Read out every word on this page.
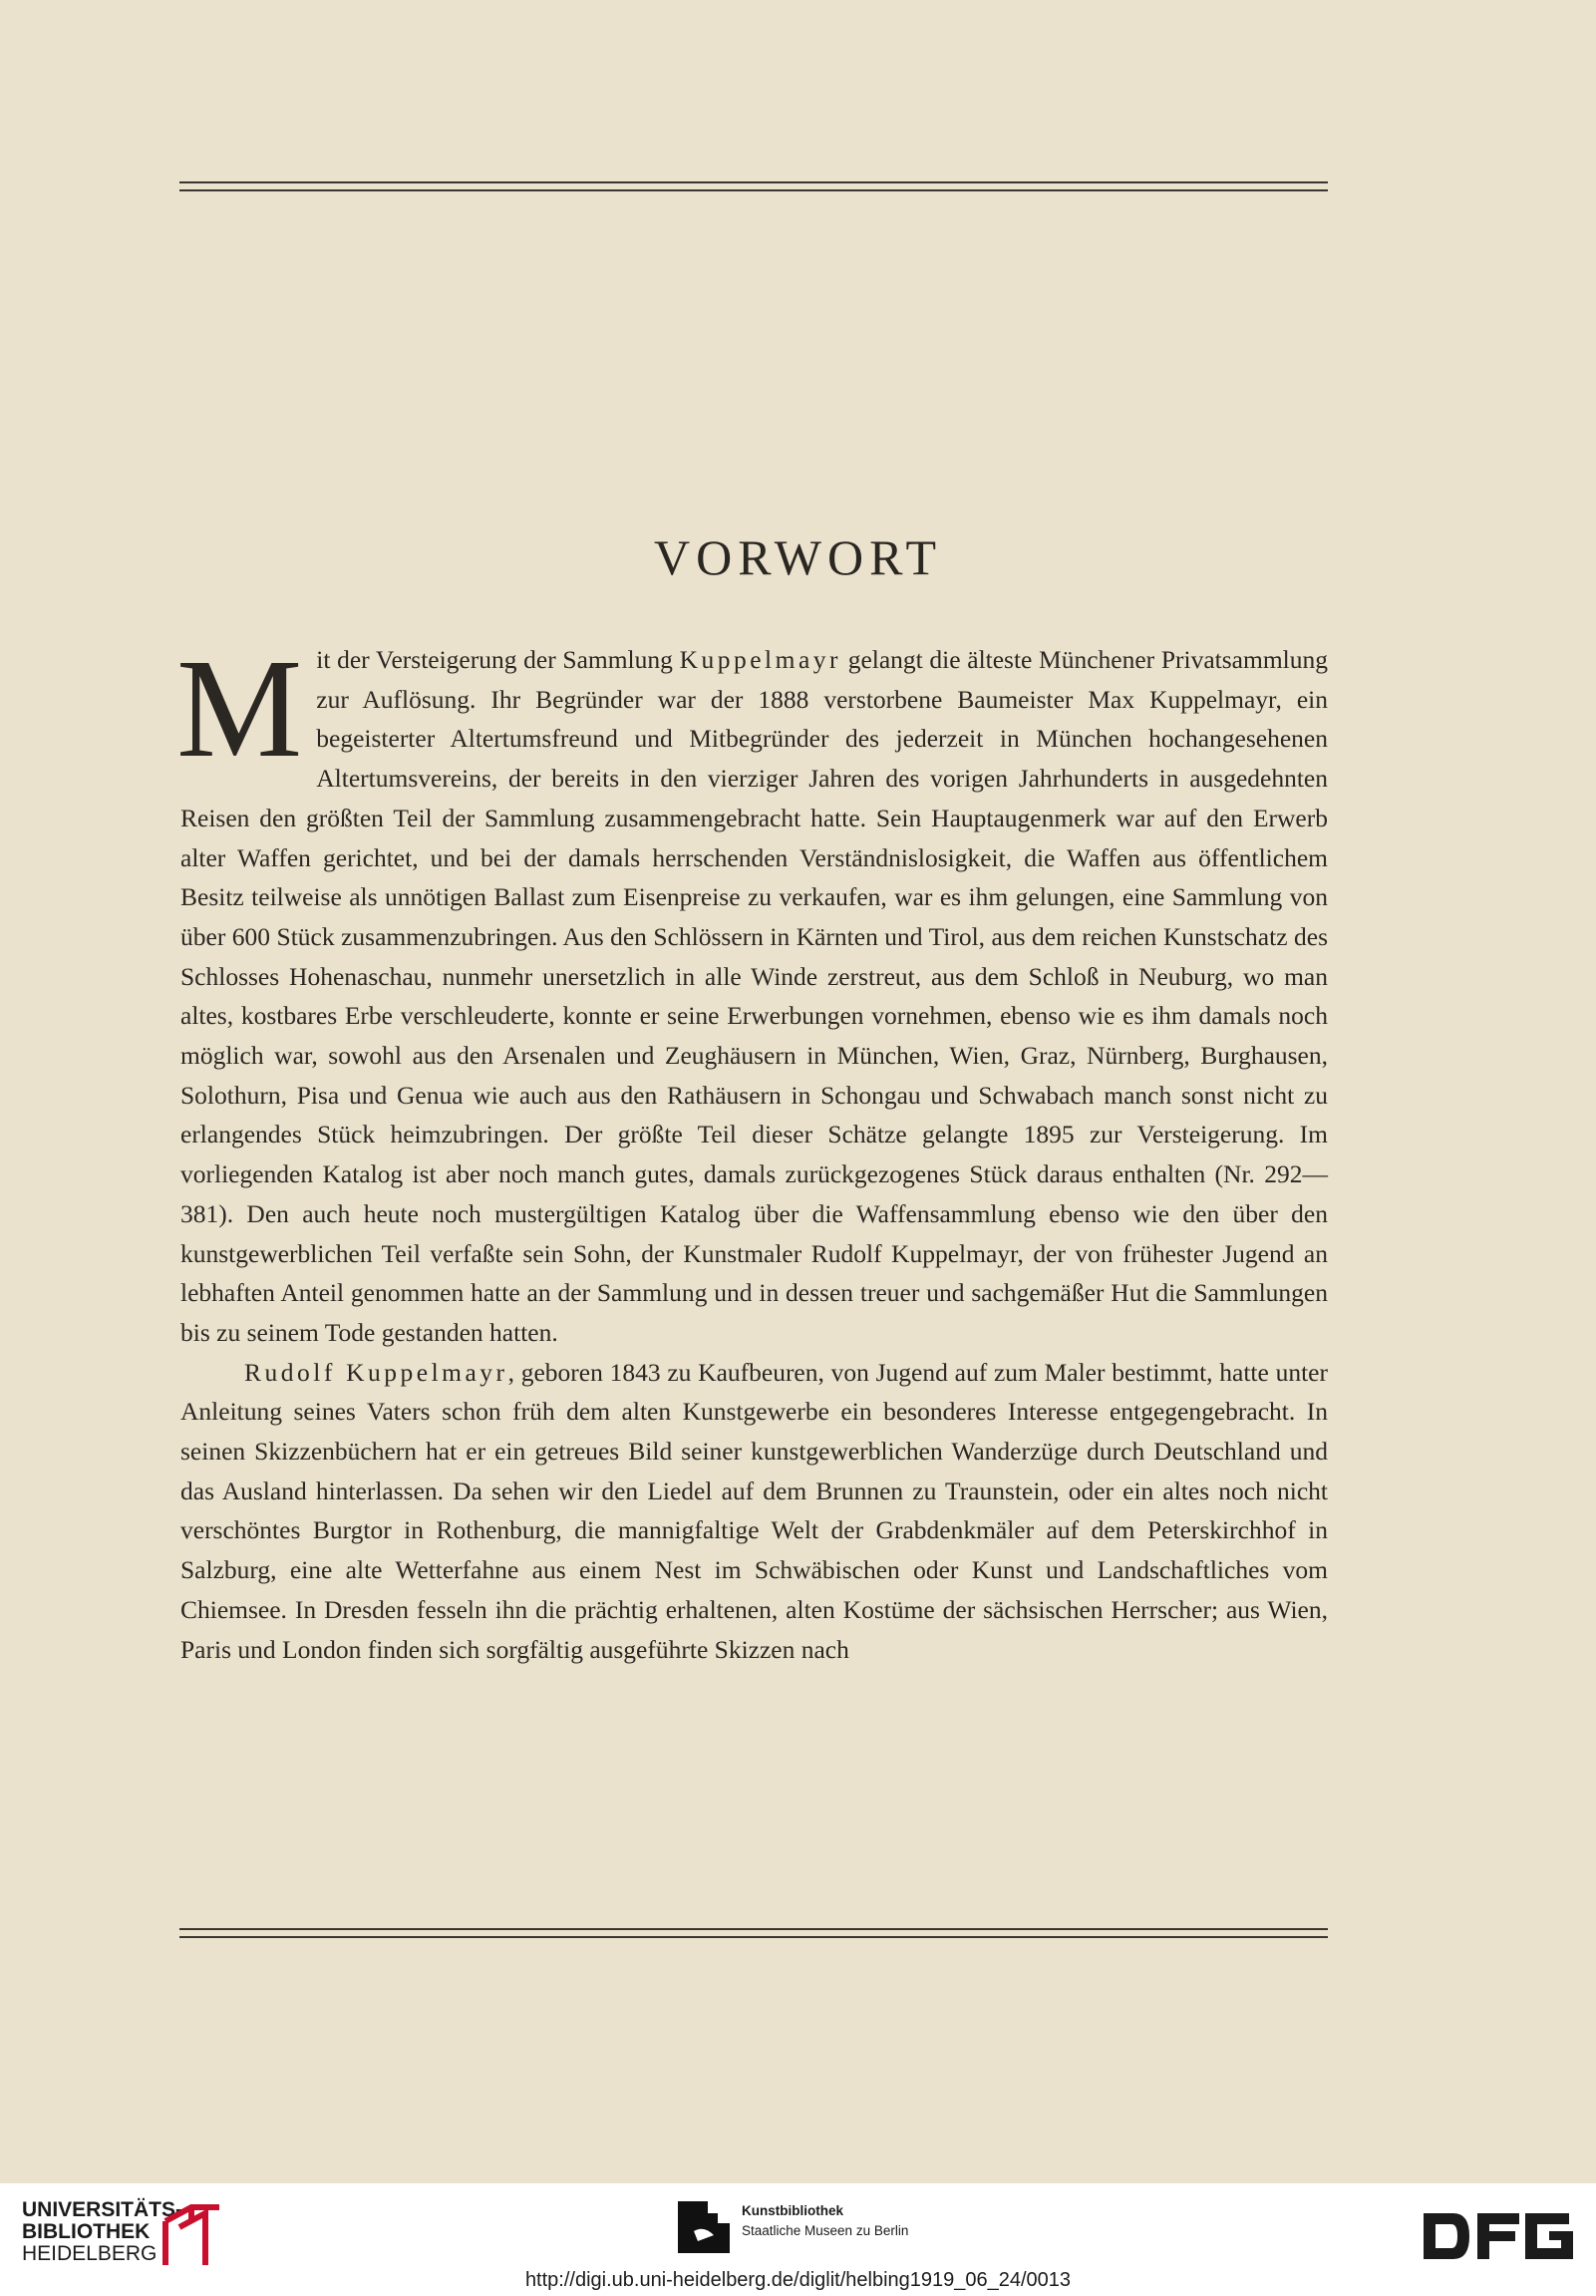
VORWORT

Mit der Versteigerung der Sammlung Kuppelmayr gelangt die älteste Münchener Privatsammlung zur Auflösung. Ihr Begründer war der 1888 verstorbene Baumeister Max Kuppelmayr, ein begeisterter Altertumsfreund und Mitbegründer des jederzeit in München hochangesehenen Altertumsvereins, der bereits in den vierziger Jahren des vorigen Jahrhunderts in ausgedehnten Reisen den größten Teil der Sammlung zusammengebracht hatte. Sein Hauptaugenmerk war auf den Erwerb alter Waffen gerichtet, und bei der damals herrschenden Verständnislosigkeit, die Waffen aus öffentlichem Besitz teilweise als unnötigen Ballast zum Eisenpreise zu verkaufen, war es ihm gelungen, eine Sammlung von über 600 Stück zusammenzubringen. Aus den Schlössern in Kärnten und Tirol, aus dem reichen Kunstschatz des Schlosses Hohenaschau, nunmehr unersetzlich in alle Winde zerstreut, aus dem Schloß in Neuburg, wo man altes, kostbares Erbe verschleuderte, konnte er seine Erwerbungen vornehmen, ebenso wie es ihm damals noch möglich war, sowohl aus den Arsenalen und Zeughäusern in München, Wien, Graz, Nürnberg, Burghausen, Solothurn, Pisa und Genua wie auch aus den Rathäusern in Schongau und Schwabach manch sonst nicht zu erlangendes Stück heimzubringen. Der größte Teil dieser Schätze gelangte 1895 zur Versteigerung. Im vorliegenden Katalog ist aber noch manch gutes, damals zurückgezogenes Stück daraus enthalten (Nr. 292—381). Den auch heute noch mustergültigen Katalog über die Waffensammlung ebenso wie den über den kunstgewerblichen Teil verfaßte sein Sohn, der Kunstmaler Rudolf Kuppelmayr, der von frühester Jugend an lebhaften Anteil genommen hatte an der Sammlung und in dessen treuer und sachgemäßer Hut die Sammlungen bis zu seinem Tode gestanden hatten.

Rudolf Kuppelmayr, geboren 1843 zu Kaufbeuren, von Jugend auf zum Maler bestimmt, hatte unter Anleitung seines Vaters schon früh dem alten Kunstgewerbe ein besonderes Interesse entgegengebracht. In seinen Skizzenbüchern hat er ein getreues Bild seiner kunstgewerblichen Wanderzüge durch Deutschland und das Ausland hinterlassen. Da sehen wir den Liedel auf dem Brunnen zu Traunstein, oder ein altes noch nicht verschöntes Burgtor in Rothenburg, die mannigfaltige Welt der Grabdenkmäler auf dem Peterskirchhof in Salzburg, eine alte Wetterfahne aus einem Nest im Schwäbischen oder Kunst und Landschaftliches vom Chiemsee. In Dresden fesseln ihn die prächtig erhaltenen, alten Kostüme der sächsischen Herrscher; aus Wien, Paris und London finden sich sorgfältig ausgeführte Skizzen nach

UNIVERSITÄTS-
BIBLIOTHEK
HEIDELBERG
Kunstbibliothek
Staatliche Museen zu Berlin
http://digi.ub.uni-heidelberg.de/diglit/helbing1919_06_24/0013
